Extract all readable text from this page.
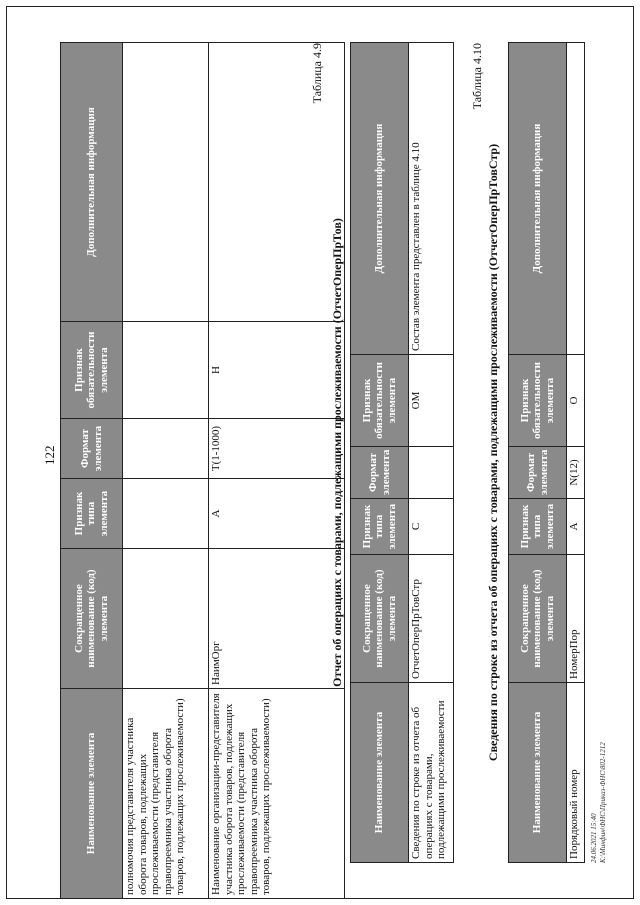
122
Наименование элемента	Сокращенное наименование (код) элемента	Признак типа элемента	Формат элемента	Признак обязательности элемента	Дополнительная информация
полномочия представителя участника оборота товаров, подлежащих прослеживаемости (представителя правопреемника участника оборота товаров, подлежащих прослеживаемости)					
Наименование организации-представителя участника оборота товаров, подлежащих прослеживаемости (представителя правопреемника участника оборота товаров, подлежащих прослеживаемости)	НаимОрг	А	T(1-1000)	Н	
Таблица 4.9
Отчет об операциях с товарами, подлежащими прослеживаемости (ОтчетОперПрТов)
Наименование элемента	Сокращенное наименование (код) элемента	Признак типа элемента	Формат элемента	Признак обязательности элемента	Дополнительная информация
Сведения по строке из отчета об операциях с товарами, подлежащими прослеживаемости	ОтчетОперПрТовСтр	С		ОМ	Состав элемента представлен в таблице 4.10
Таблица 4.10
Сведения по строке из отчета об операциях с товарами, подлежащими прослеживаемости (ОтчетОперПрТовСтр)
Наименование элемента	Сокращенное наименование (код) элемента	Признак типа элемента	Формат элемента	Признак обязательности элемента	Дополнительная информация
Порядковый номер	НомерПор	А	N(12)	О	
24.06.2021 15:40 К:\Минфин\ФНС\Приказ-ФНС\802-1212
